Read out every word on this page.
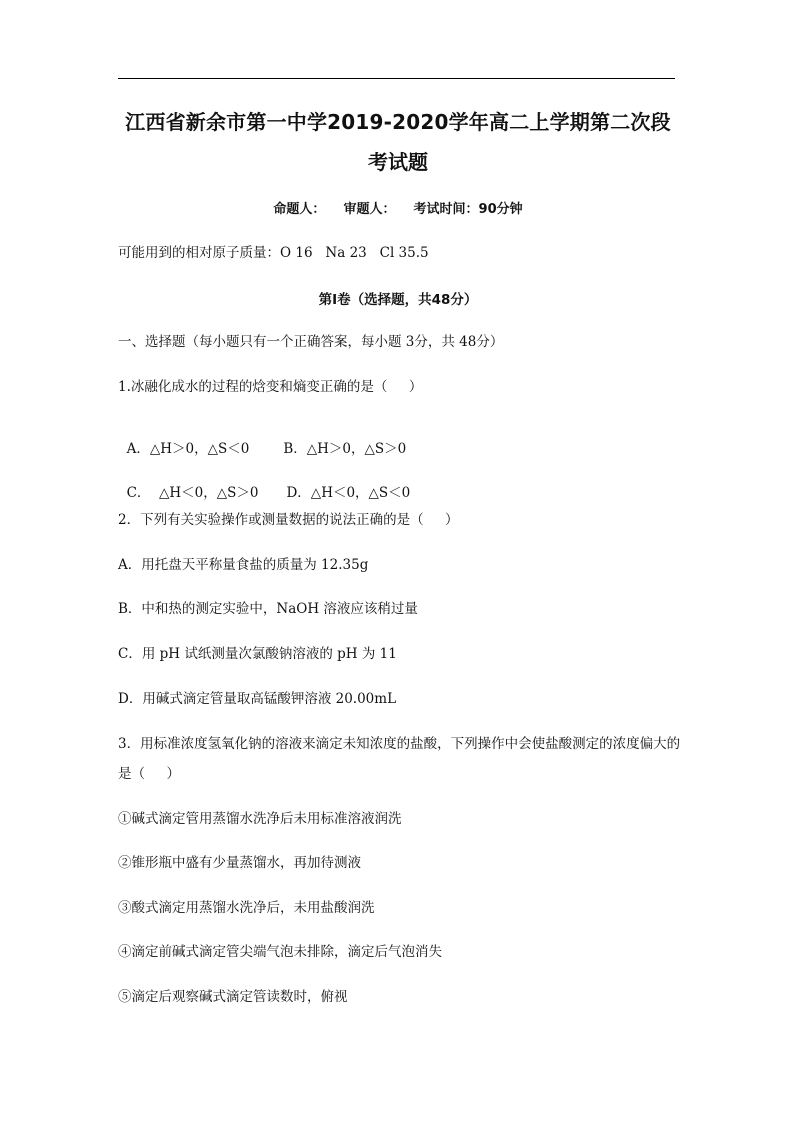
江西省新余市第一中学2019-2020学年高二上学期第二次段
考试题
命题人：    审题人：    考试时间：90分钟
可能用到的相对原子质量：O 16   Na 23   Cl 35.5
第I卷（选择题，共48分）
一、选择题（每小题只有一个正确答案，每小题 3分，共 48分）
1.冰融化成水的过程的焓变和熵变正确的是（     ）

A．△H＞0，△S＜0	B．△H＞0，△S＞0

C．  △H＜0，△S＞0 D．△H＜0，△S＜0

2．下列有关实验操作或测量数据的说法正确的是（     ）
A．用托盘天平称量食盐的质量为 12.35g
B．中和热的测定实验中，NaOH 溶液应该稍过量
C．用 pH 试纸测量次氯酸钠溶液的 pH 为 11
D．用碱式滴定管量取高锰酸钾溶液 20.00mL
3．用标准浓度氢氧化钠的溶液来滴定未知浓度的盐酸，下列操作中会使盐酸测定的浓度偏大的
是（     ）
①碱式滴定管用蒸馏水洗净后未用标准溶液润洗
②锥形瓶中盛有少量蒸馏水，再加待测液
③酸式滴定用蒸馏水洗净后，未用盐酸润洗
④滴定前碱式滴定管尖端气泡未排除，滴定后气泡消失
⑤滴定后观察碱式滴定管读数时，俯视
